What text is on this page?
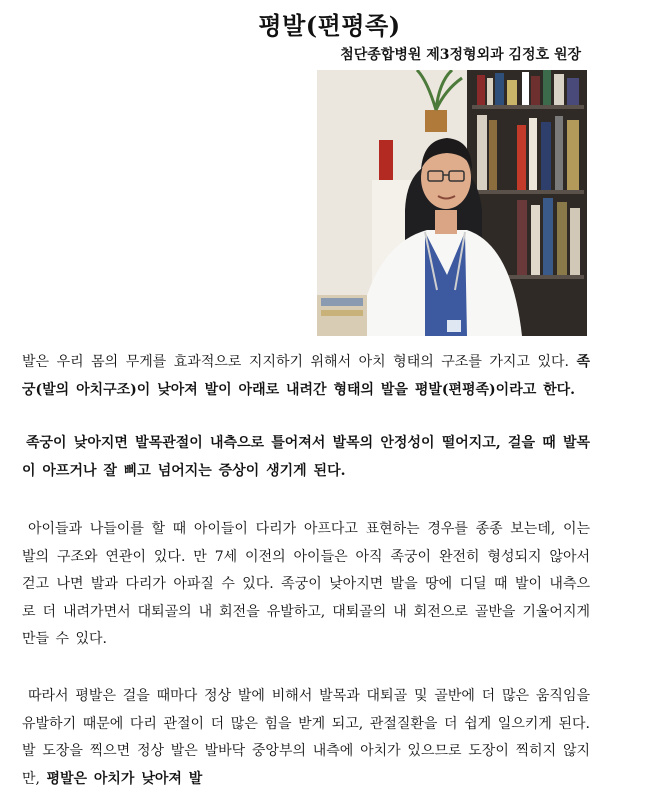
평발(편평족)
첨단종합병원 제3정형외과 김정호 원장
발은 우리 몸의 무게를 효과적으로 지지하기 위해서 아치 형태의 구조를 가지고 있다. 족궁(발의 아치구조)이 낮아져 발이 아래로 내려간 형태의 발을 평발(편평족)이라고 한다.
족궁이 낮아지면 발목관절이 내측으로 틀어져서 발목의 안정성이 떨어지고, 걸을 때 발목이 아프거나 잘 삐고 넘어지는 증상이 생기게 된다.
아이들과 나들이를 할 때 아이들이 다리가 아프다고 표현하는 경우를 종종 보는데, 이는 발의 구조와 연관이 있다. 만 7세 이전의 아이들은 아직 족궁이 완전히 형성되지 않아서 걷고 나면 발과 다리가 아파질 수 있다. 족궁이 낮아지면 발을 땅에 디딜 때 발이 내측으로 더 내려가면서 대퇴골의 내 회전을 유발하고, 대퇴골의 내 회전으로 골반을 기울어지게 만들 수 있다.
따라서 평발은 걸을 때마다 정상 발에 비해서 발목과 대퇴골 및 골반에 더 많은 움직임을 유발하기 때문에 다리 관절이 더 많은 힘을 받게 되고, 관절질환을 더 쉽게 일으키게 된다. 발 도장을 찍으면 정상 발은 발바닥 중앙부의 내측에 아치가 있으므로 도장이 찍히지 않지만, 평발은 아치가 낮아져 발
